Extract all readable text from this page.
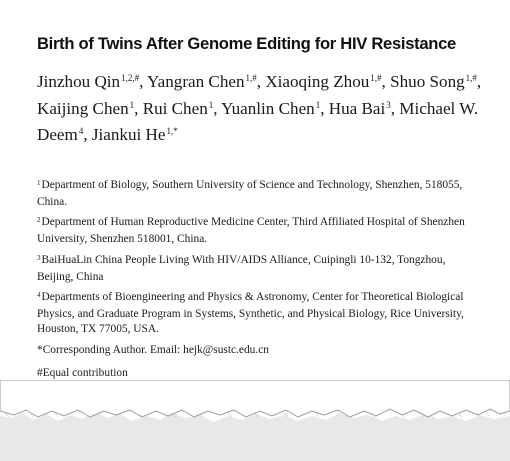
Birth of Twins After Genome Editing for HIV Resistance
Jinzhou Qin$^{1,2,\#}$, Yangran Chen$^{1,\#}$, Xiaoqing Zhou$^{1,\#}$, Shuo Song$^{1,\#}$,
Kaijing Chen$^1$, Rui Chen$^1$, Yuanlin Chen$^1$, Hua Bai$^3$, Michael W. Deem$^4$, Jiankui $He^{1,*}$
$^1$Department of Biology, Southern University of Science and Technology, Shenzhen, 518055,
China.
$^2$Department of Human Reproductive Medicine Center, Third Affiliated Hospital of Shenzhen
University, Shenzhen 518001, China.
$^3$BaiHuaLin China People Living With HIV/AIDS Alliance, Cuipingli 10-132, Tongzhou,
Beijing, China
$^4$Departments of Bioengineering and Physics & Astronomy, Center for Theoretical Biological
Physics, and Graduate Program in Systems, Synthetic, and Physical Biology, Rice University,
Houston, TX 77005, USA.
*Corresponding Author. Email: hejk@sustc.edu.cn
#Equal contribution
